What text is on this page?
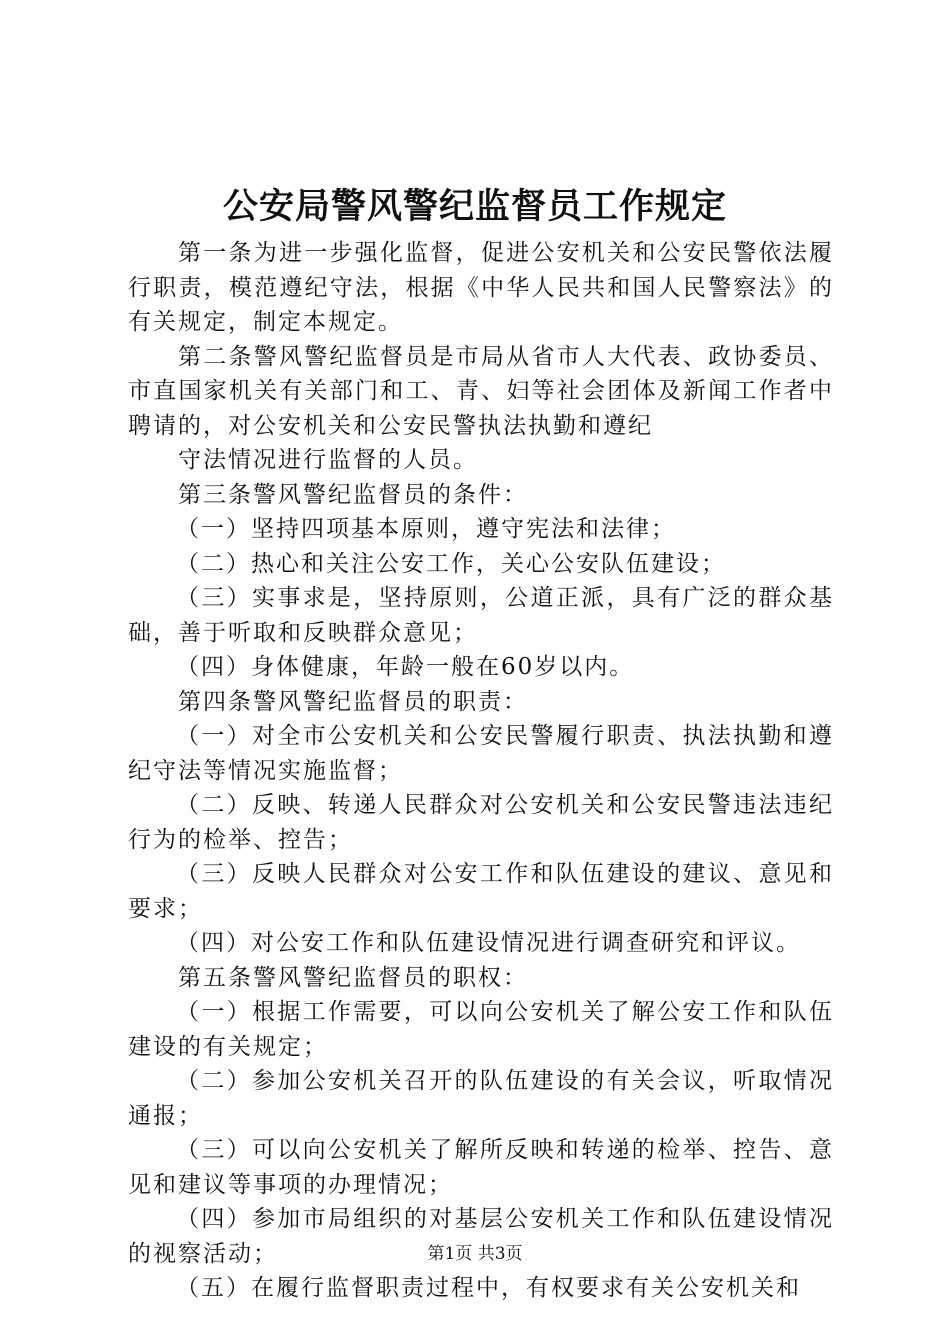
公安局警风警纪监督员工作规定

第一条为进一步强化监督，促进公安机关和公安民警依法履行职责，模范遵纪守法，根据《中华人民共和国人民警察法》的有关规定，制定本规定。

第二条警风警纪监督员是市局从省市人大代表、政协委员、市直国家机关有关部门和工、青、妇等社会团体及新闻工作者中聘请的，对公安机关和公安民警执法执勤和遵纪

守法情况进行监督的人员。

第三条警风警纪监督员的条件：

（一）坚持四项基本原则，遵守宪法和法律；

（二）热心和关注公安工作，关心公安队伍建设；

（三）实事求是，坚持原则，公道正派，具有广泛的群众基础，善于听取和反映群众意见；

（四）身体健康，年龄一般在60岁以内。

第四条警风警纪监督员的职责：

（一）对全市公安机关和公安民警履行职责、执法执勤和遵纪守法等情况实施监督；

（二）反映、转递人民群众对公安机关和公安民警违法违纪行为的检举、控告；

（三）反映人民群众对公安工作和队伍建设的建议、意见和要求；

（四）对公安工作和队伍建设情况进行调查研究和评议。

第五条警风警纪监督员的职权：

（一）根据工作需要，可以向公安机关了解公安工作和队伍建设的有关规定；

（二）参加公安机关召开的队伍建设的有关会议，听取情况通报；

（三）可以向公安机关了解所反映和转递的检举、控告、意见和建议等事项的办理情况；

（四）参加市局组织的对基层公安机关工作和队伍建设情况的视察活动；

（五）在履行监督职责过程中，有权要求有关公安机关和

第1页 共3页
